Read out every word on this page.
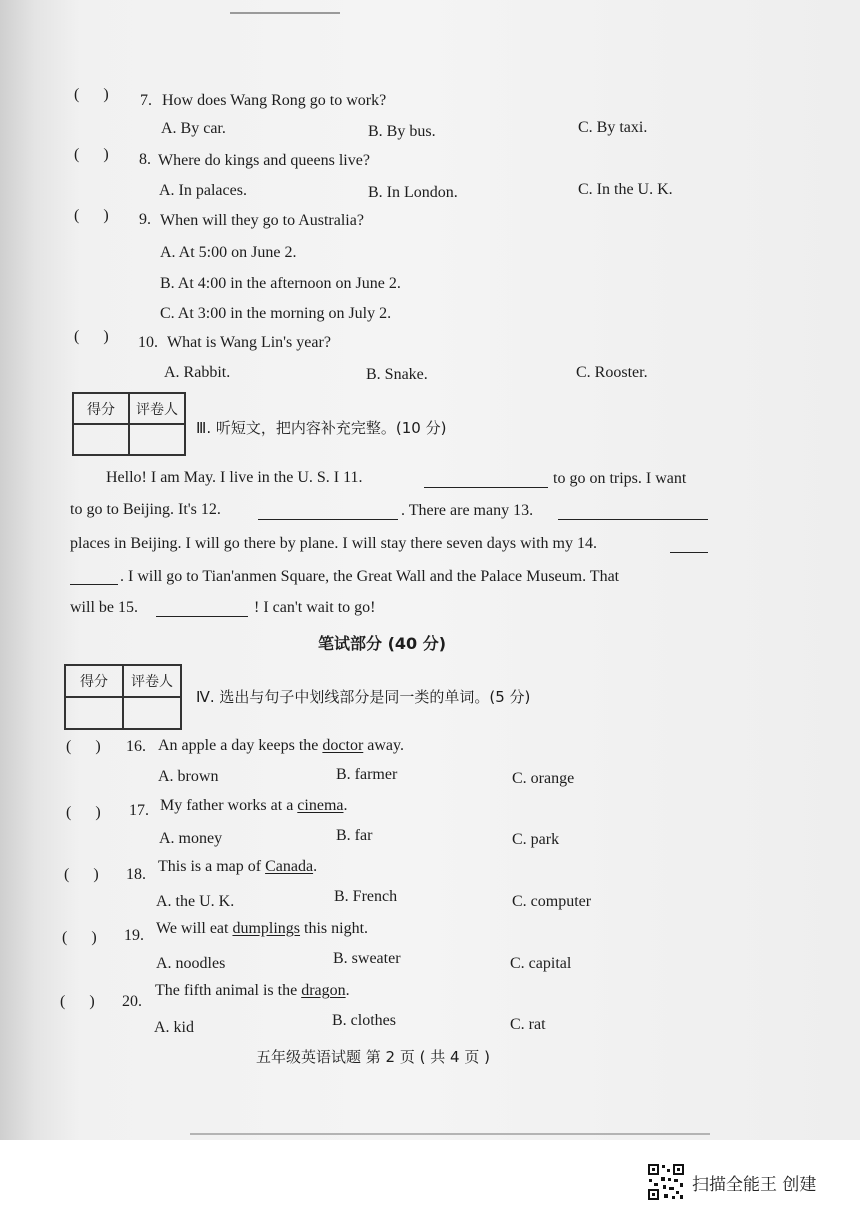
(      ) 7. How does Wang Rong go to work?
A. By car.	B. By bus.	C. By taxi.
(      ) 8. Where do kings and queens live?
A. In palaces.	B. In London.	C. In the U. K.
(      ) 9. When will they go to Australia?
A. At 5:00 on June 2.
B. At 4:00 in the afternoon on June 2.
C. At 3:00 in the morning on July 2.
(      ) 10. What is Wang Lin's year?
A. Rabbit.	B. Snake.	C. Rooster.
得分	评卷人
Ⅲ. 听短文，把内容补充完整。(10 分)
Hello! I am May. I live in the U. S. I 11.	to go on trips. I want
to go to Beijing. It's 12.	. There are many 13.
places in Beijing. I will go there by plane. I will stay there seven days with my 14.
. I will go to Tian'anmen Square, the Great Wall and the Palace Museum. That
will be 15.	! I can't wait to go!
笔试部分 (40 分)
得分	评卷人
Ⅳ. 选出与句子中划线部分是同一类的单词。(5 分)
(      ) 16. An apple a day keeps the doctor away.
A. brown	B. farmer	C. orange
(      ) 17. My father works at a cinema.
A. money	B. far	C. park
(      ) 18. This is a map of Canada.
A. the U. K.	B. French	C. computer
(      ) 19. We will eat dumplings this night.
A. noodles	B. sweater	C. capital
(      ) 20.
The fifth animal is the dragon.
A. kid	B. clothes	C. rat
五年级英语试题 第 2 页 ( 共 4 页 )
扫描全能王 创建
